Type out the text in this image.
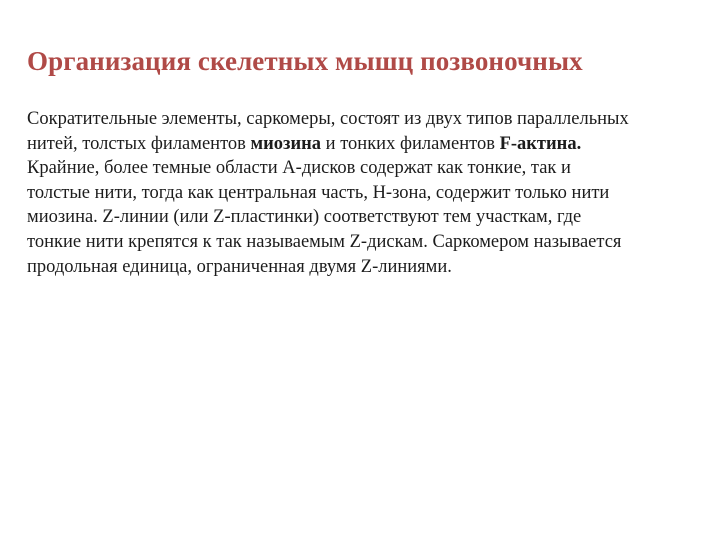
Организация скелетных мышц позвоночных
Сократительные элементы, саркомеры, состоят из двух типов параллельных
нитей, толстых филаментов миозина и тонких филаментов F-актина.
Крайние, более темные области А-дисков содержат как тонкие, так и
толстые нити, тогда как центральная часть, Н-зона, содержит только нити
миозина. Z-линии (или Z-пластинки) соответствуют тем участкам, где
тонкие нити крепятся к так называемым Z-дискам. Саркомером называется
продольная единица, ограниченная двумя Z-линиями.
